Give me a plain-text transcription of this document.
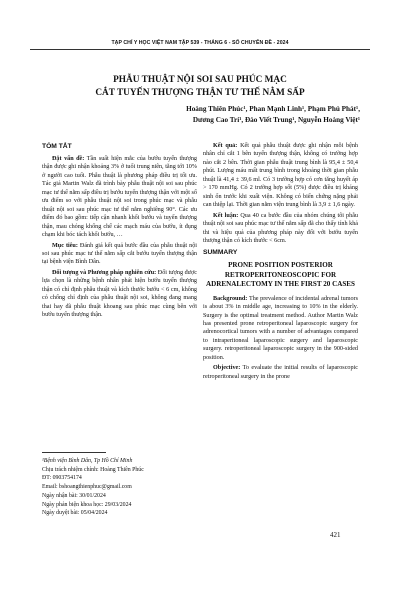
TẠP CHÍ Y HỌC VIỆT NAM TẬP 539 - THÁNG 6 - SỐ CHUYÊN ĐỀ - 2024
PHẪU THUẬT NỘI SOI SAU PHÚC MẠC
CẮT TUYẾN THƯỢNG THẬN TƯ THẾ NẰM SẤP
Hoàng Thiên Phúc¹, Phan Mạnh Linh¹, Phạm Phú Phát¹,
Dương Cao Trí¹, Đào Viết Trung¹, Nguyễn Hoàng Việt¹
TÓM TẮT

Đặt vấn đề: Tần suất hiện mắc của bướu tuyến thượng thận được ghi nhận khoảng 3% ở tuổi trung niên, tăng tới 10% ở người cao tuổi. Phẫu thuật là phương pháp điều trị tối ưu. Tác giả Martin Walz đã trình bày phẫu thuật nội soi sau phúc mạc tư thế nằm sấp điều trị bướu tuyến thượng thận với một số ưu điểm so với phẫu thuật nội soi trong phúc mạc và phẫu thuật nội soi sau phúc mạc tư thế nằm nghiêng 90°. Các ưu điểm đó bao gồm: tiếp cận nhanh khối bướu và tuyến thượng thận, mau chóng khống chế các mạch máu của bướu, ít đụng chạm khi bóc tách khối bướu, …

Mục tiêu: Đánh giá kết quả bước đầu của phẫu thuật nội soi sau phúc mạc tư thế nằm sấp cắt bướu tuyến thượng thận tại bệnh viện Bình Dân.

Đối tượng và Phương pháp nghiên cứu: Đối tượng được lựa chọn là những bệnh nhân phát hiện bướu tuyến thượng thận có chỉ định phẫu thuật và kích thước bướu < 6 cm, không có chống chỉ định của phẫu thuật nội soi, không đang mang thai hay đã phẫu thuật khoang sau phúc mạc cùng bên với bướu tuyến thượng thận.

Kết quả: Kết quả phẫu thuật được ghi nhận mỗi bệnh nhân chỉ cắt 1 bên tuyến thượng thận, không có trường hợp nào cắt 2 bên. Thời gian phẫu thuật trung bình là 95,4 ± 50,4 phút. Lượng máu mất trung bình trong khoảng thời gian phẫu thuật là 41,4 ± 39,6 ml. Có 3 trường hợp có cơn tăng huyết áp > 170 mmHg. Có 2 trường hợp sốt (5%) được điều trị kháng sinh ổn trước khi xuất viện. Không có biến chứng nặng phải can thiệp lại. Thời gian nằm viện trung bình là 3,9 ± 1,6 ngày.

Kết luận: Qua 40 ca bước đầu của nhóm chúng tôi phẫu thuật nội soi sau phúc mạc tư thế nằm sấp đã cho thấy tính khả thi và hiệu quả của phương pháp này đối với bướu tuyến thượng thận có kích thước < 6cm.

SUMMARY
PRONE POSITION POSTERIOR RETROPERITONEOSCOPIC FOR ADRENALECTOMY IN THE FIRST 20 CASES

Background: The prevalence of incidental adrenal tumors is about 3% in middle age, increasing to 10% in the elderly. Surgery is the optimal treatment method. Author Martin Walz has presented prone retroperitoneal laparoscopic surgery for adrenocortical tumors with a number of advantages compared to intraperitoneal laparoscopic surgery and laparoscopic surgery. retroperitoneal laparoscopic surgery in the 900-sided position.

Objective: To evaluate the initial results of laparoscopic retroperitoneal surgery in the prone

¹Bệnh viện Bình Dân, Tp Hồ Chí Minh
Chịu trách nhiệm chính: Hoàng Thiên Phúc
ĐT: 0903754174
Email: bshoangthienphuc@gmail.com
Ngày nhận bài: 30/01/2024
Ngày phản biện khoa học: 29/03/2024
Ngày duyệt bài: 05/04/2024
421
